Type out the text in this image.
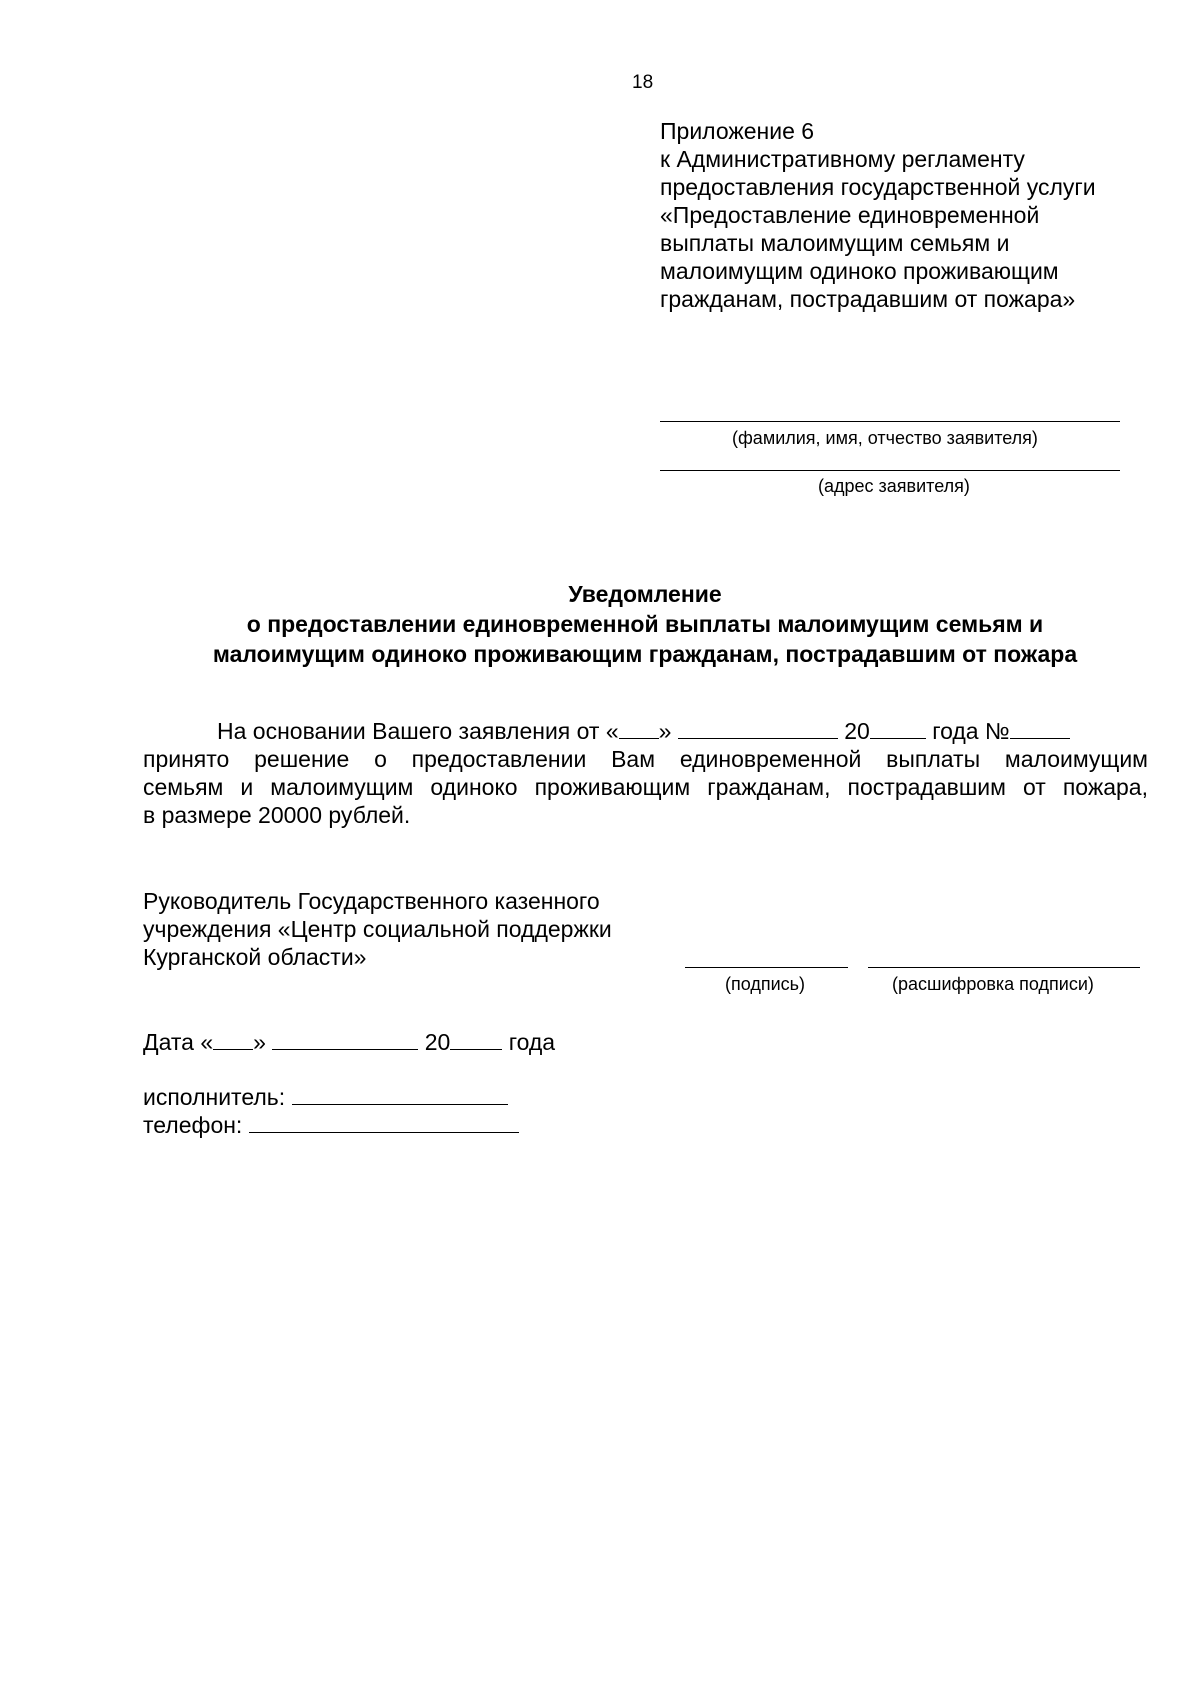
18
Приложение 6
к Административному регламенту
предоставления государственной услуги
«Предоставление единовременной
выплаты малоимущим семьям и
малоимущим одиноко проживающим
гражданам, пострадавшим от пожара»
(фамилия, имя, отчество заявителя)
(адрес заявителя)
Уведомление
о предоставлении единовременной выплаты малоимущим семьям и
малоимущим одиноко проживающим гражданам, пострадавшим от пожара
На основании Вашего заявления от « »	20	года №
принято решение о предоставлении Вам единовременной выплаты малоимущим
семьям и малоимущим одиноко проживающим гражданам, пострадавшим от пожара,
в размере 20000 рублей.
Руководитель Государственного казенного
учреждения «Центр социальной поддержки
Курганской области»
(подпись)	(расшифровка подписи)
Дата « »	20	года
исполнитель:
телефон:
